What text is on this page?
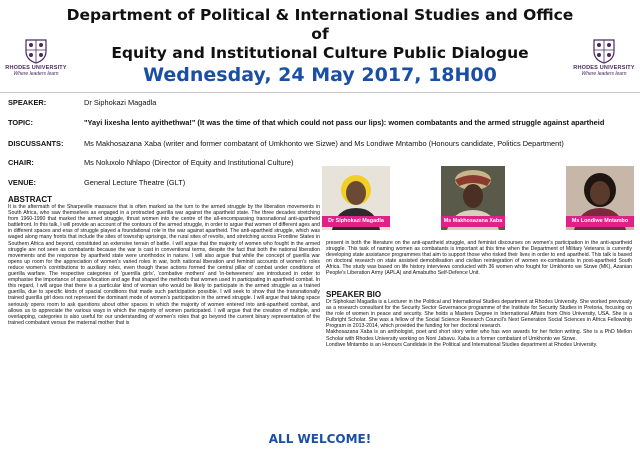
Department of Political & International Studies and Office of
Equity and Institutional Culture Public Dialogue
RHODES UNIVERSITY
Where leaders learn
RHODES UNIVERSITY
Where leaders learn
Wednesday, 24 May 2017, 18H00
SPEAKER:	Dr Siphokazi Magadla
TOPIC:	"Yayi lixesha lento ayithethwa!" (It was the time of that which could not pass our lips): women combatants and the armed struggle against apartheid
DISCUSSANTS:	Ms Makhosazana Xaba (writer and former combatant of Umkhonto we Sizwe) and Ms Londiwe Mntambo (Honours candidate, Politics Department)
CHAIR:	Ms Noluxolo Nhlapo (Director of Equity and Institutional Culture)
VENUE:	General Lecture Theatre (GLT)
Dr Siphokazi Magadla	Ms Makhosazana Xaba	Ms Londiwe Mntambo
ABSTRACT
It is the aftermath of the Sharpeville massacre that is often marked as the turn to the armed struggle by the liberation movements in South Africa, who saw themselves as engaged in a protracted guerilla war against the apartheid state. The three decades stretching from 1960-1990 that marked the armed struggle, thrust women into the centre of the all-encompassing transnational anti-apartheid battlefront. In this talk, I will provide an account of the contours of the armed struggle, in order to argue that women of different ages and in different spaces and eras of struggle played a foundational role in the war against apartheid. The anti-apartheid struggle, which was waged along many fronts that include the sites of township uprisings, the rural sites of revolts, and stretching across Frontline States in Southern Africa and beyond, constituted an extensive terrain of battle. I will argue that the majority of women who fought in the armed struggle are not seen as combatants because the war is cast in conventional terms, despite the fact that both the national liberation movements and the response by apartheid state were unorthodox in nature. I will also argue that while the concept of guerilla war opens up room for the appreciation of women's varied roles in war, both national liberation and feminist accounts of women's roles reduce women's contributions to auxiliary roles, even though these actions formed the central pillar of combat under conditions of guerilla warfare. The respective categories of 'guerrilla girls', 'combative mothers' and 'in-betweeners' are introduced in order to emphasise the importance of space/location and age that shaped the methods that women used in participating in apartheid combat. In this regard, I will argue that there is a particular kind of woman who would be likely to participate in the armed struggle as a trained guerilla, due to specific kinds of spacial conditions that made such participation possible. I will seek to show that the transnationally trained guerilla girl does not represent the dominant mode of women's participation in the armed struggle. I will argue that taking space seriously opens room to ask questions about other spaces in which the majority of women entered into anti-apartheid combat, and allows us to appreciate the various ways in which the majority of women participated. I will argue that the creation of multiple, and overlapping, categories is also useful for our understanding of women's roles that go beyond the current binary representation of the trained combatant versus the maternal mother that is
present in both the literature on the anti-apartheid struggle, and feminist discourses on women's participation in the anti-apartheid struggle. This task of naming women as combatants is important at this time when the Department of Military Veterans is currently developing state assistance programmes that aim to support those who risked their lives in order to end apartheid. This talk is based on doctoral research on state assisted demobilisation and civilian reintegration of women ex-combatants in post-apartheid South Africa. The study was based on life history interviews conducted with 36 women who fought for Umkhonto we Sizwe (MK), Azanian People's Liberation Army (APLA) and Amabutho Self-Defence Unit.
SPEAKER BIO

Dr Siphokazi Magadla is a Lecturer in the Political and International Studies department at Rhodes University. She worked previously as a research consultant for the Security Sector Governance programme of the Institute for Security Studies in Pretoria, focusing on the role of women in peace and security. She holds a Masters Degree in International Affairs from Ohio University, USA. She is a Fulbright Scholar. She was a fellow of the Social Science Research Council's Next Generation Social Sciences in Africa Fellowship Program in 2013-2014, which provided the funding for her doctoral research.

Makhosazana Xaba is an anthologist, poet and short story writer who has won awards for her fiction writing. She is a PhD Mellon Scholar with Rhodes University working on Noni Jabavu. Xaba is a former combatant of Umkhonto we Sizwe.

Londiwe Mntambo is an Honours Candidate in the Political and International Studies department at Rhodes University.

ALL WELCOME!
